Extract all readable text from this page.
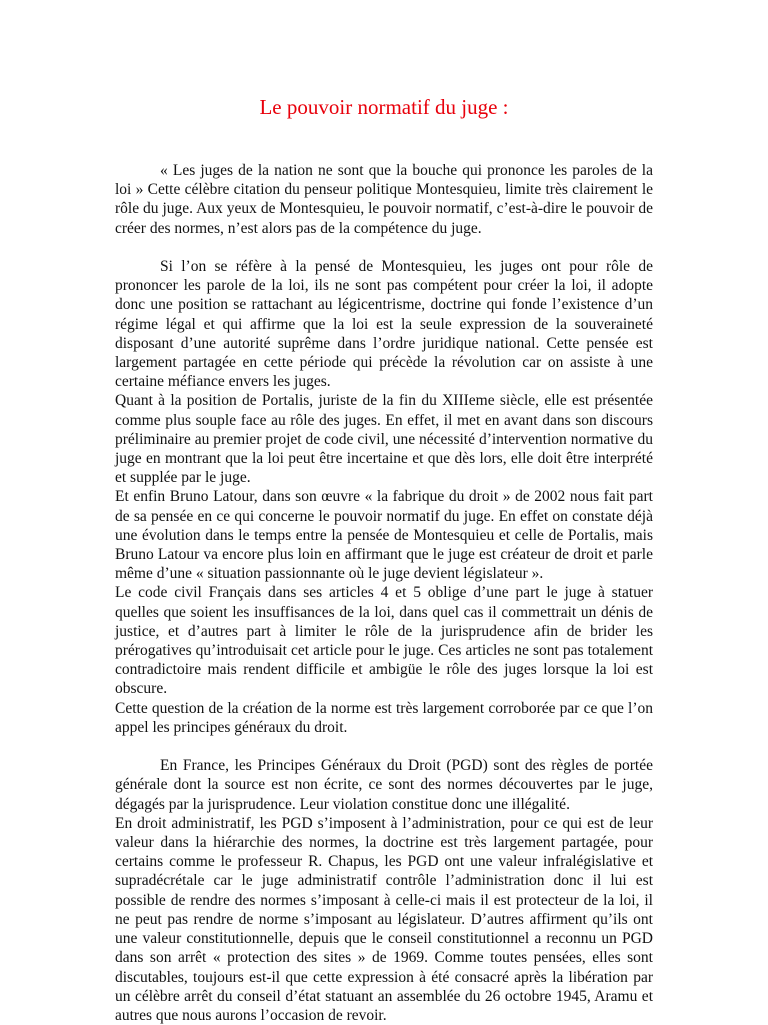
Le pouvoir normatif du juge :

« Les juges de la nation ne sont que la bouche qui prononce les paroles de la loi » Cette célèbre citation du penseur politique Montesquieu, limite très clairement le rôle du juge. Aux yeux de Montesquieu, le pouvoir normatif, c’est-à-dire le pouvoir de créer des normes, n’est alors pas de la compétence du juge.

Si l’on se réfère à la pensé de Montesquieu, les juges ont pour rôle de prononcer les parole de la loi, ils ne sont pas compétent pour créer la loi, il adopte donc une position se rattachant au légicentrisme, doctrine qui fonde l’existence d’un régime légal et qui affirme que la loi est la seule expression de la souveraineté disposant d’une autorité suprême dans l’ordre juridique national. Cette pensée est largement partagée en cette période qui précède la révolution car on assiste à une certaine méfiance envers les juges.

Quant à la position de Portalis, juriste de la fin du XIIIeme siècle, elle est présentée comme plus souple face au rôle des juges. En effet, il met en avant dans son discours préliminaire au premier projet de code civil, une nécessité d’intervention normative du juge en montrant que la loi peut être incertaine et que dès lors, elle doit être interprété et supplée par le juge.

Et enfin Bruno Latour, dans son œuvre « la fabrique du droit » de 2002 nous fait part de sa pensée en ce qui concerne le pouvoir normatif du juge. En effet on constate déjà une évolution dans le temps entre la pensée de Montesquieu et celle de Portalis, mais Bruno Latour va encore plus loin en affirmant que le juge est créateur de droit et parle même d’une « situation passionnante où le juge devient législateur ».

Le code civil Français dans ses articles 4 et 5 oblige d’une part le juge à statuer quelles que soient les insuffisances de la loi, dans quel cas il commettrait un dénis de justice, et d’autres part à limiter le rôle de la jurisprudence afin de brider les prérogatives qu’introduisait cet article pour le juge. Ces articles ne sont pas totalement contradictoire mais rendent difficile et ambigüe le rôle des juges lorsque la loi est obscure.

Cette question de la création de la norme est très largement corroborée par ce que l’on appel les principes généraux du droit.

En France, les Principes Généraux du Droit (PGD) sont des règles de portée générale dont la source est non écrite, ce sont des normes découvertes par le juge, dégagés par la jurisprudence. Leur violation constitue donc une illégalité.

En droit administratif, les PGD s’imposent à l’administration, pour ce qui est de leur valeur dans la hiérarchie des normes, la doctrine est très largement partagée, pour certains comme le professeur R. Chapus, les PGD ont une valeur infralégislative et supradécrétale car le juge administratif contrôle l’administration donc il lui est possible de rendre des normes s’imposant à celle-ci mais il est protecteur de la loi, il ne peut pas rendre de norme s’imposant au législateur. D’autres affirment qu’ils ont une valeur constitutionnelle, depuis que le conseil constitutionnel a reconnu un PGD dans son arrêt « protection des sites » de 1969. Comme toutes pensées, elles sont discutables, toujours est-il que cette expression à été consacré après la libération par un célèbre arrêt du conseil d’état statuant an assemblée du 26 octobre 1945, Aramu et autres que nous aurons l’occasion de revoir.
